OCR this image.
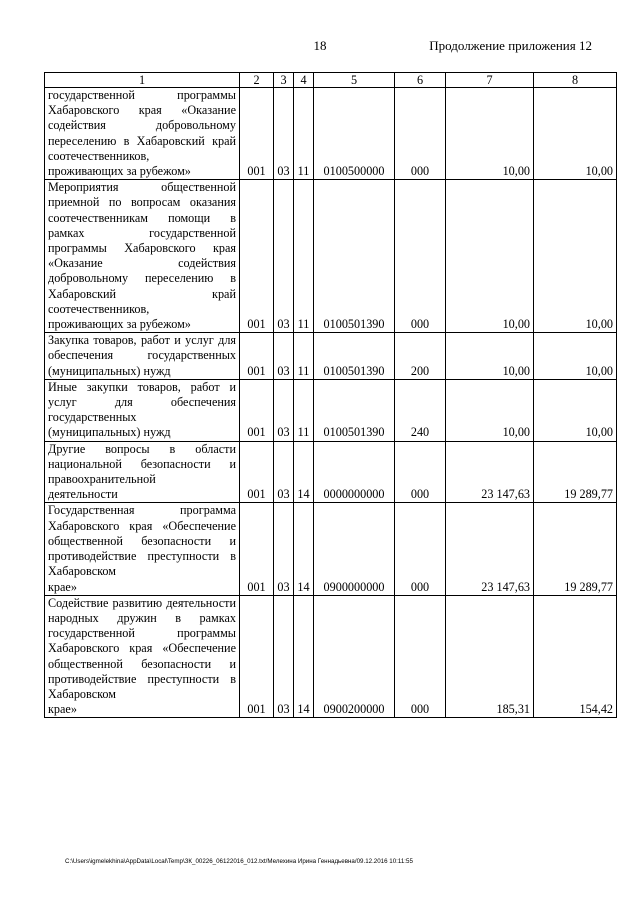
18	Продолжение приложения 12
1	2	3	4	5	6	7	8
государственной программы Хабаровского края «Оказание содействия добровольному переселению в Хабаровский край соотечественников,
проживающих за рубежом»	001	03	11	0100500000	000	10,00	10,00
Мероприятия общественной приемной по вопросам оказания соотечественникам помощи в рамках государственной программы Хабаровского края «Оказание содействия добровольному переселению в Хабаровский край соотечественников,
проживающих за рубежом»	001	03	11	0100501390	000	10,00	10,00
Закупка товаров, работ и услуг для обеспечения государственных
(муниципальных) нужд	001	03	11	0100501390	200	10,00	10,00
Иные закупки товаров, работ и услуг для обеспечения государственных
(муниципальных) нужд	001	03	11	0100501390	240	10,00	10,00
Другие вопросы в области национальной безопасности и правоохранительной
деятельности	001	03	14	0000000000	000	23 147,63	19 289,77
Государственная программа Хабаровского края «Обеспечение общественной безопасности и противодействие преступности в Хабаровском
крае»	001	03	14	0900000000	000	23 147,63	19 289,77
Содействие развитию деятельности народных дружин в рамках государственной программы Хабаровского края «Обеспечение общественной безопасности и противодействие преступности в Хабаровском
крае»	001	03	14	0900200000	000	185,31	154,42
C:\Users\igmelekhina\AppData\Local\Temp\ЗК_00226_06122016_012.txt/Мелехина Ирина Геннадьевна/09.12.2016 10:11:55
